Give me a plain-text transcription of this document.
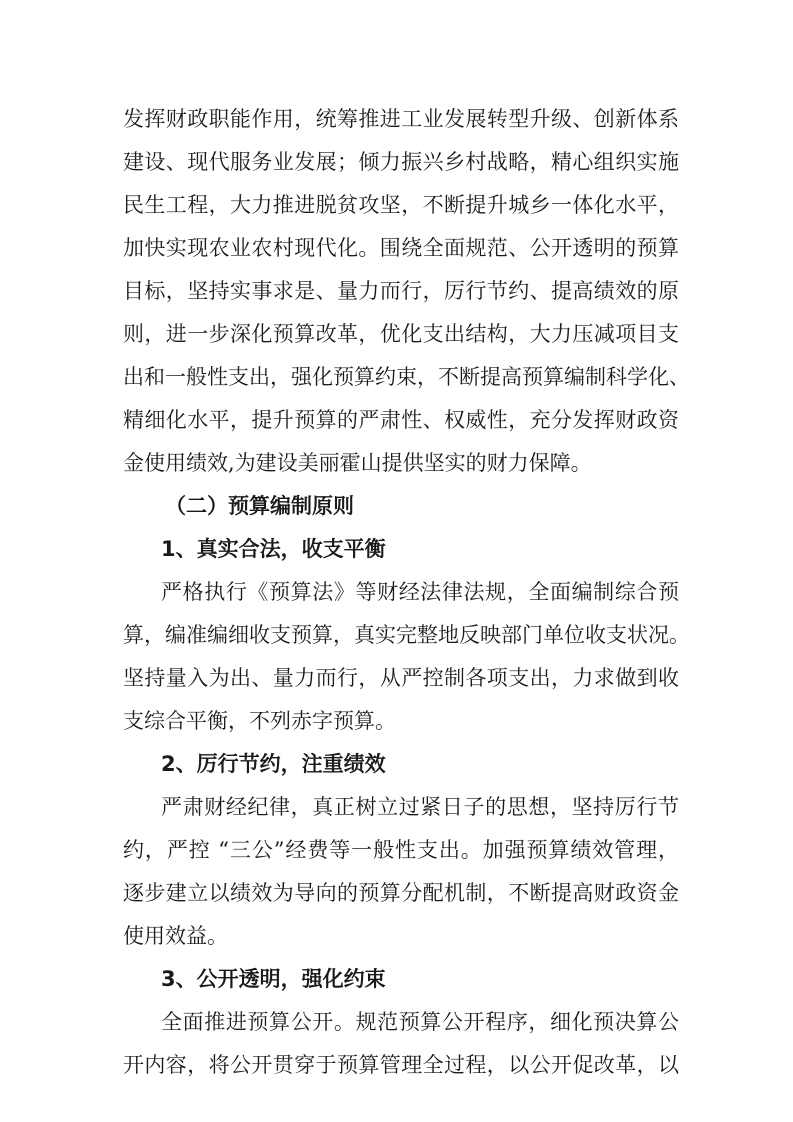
发挥财政职能作用，统筹推进工业发展转型升级、创新体系
建设、现代服务业发展；倾力振兴乡村战略，精心组织实施
民生工程，大力推进脱贫攻坚，不断提升城乡一体化水平，
加快实现农业农村现代化。围绕全面规范、公开透明的预算
目标，坚持实事求是、量力而行，厉行节约、提高绩效的原
则，进一步深化预算改革，优化支出结构，大力压减项目支
出和一般性支出，强化预算约束，不断提高预算编制科学化、
精细化水平，提升预算的严肃性、权威性，充分发挥财政资
金使用绩效,为建设美丽霍山提供坚实的财力保障。
（二）预算编制原则
1、真实合法，收支平衡
严格执行《预算法》等财经法律法规，全面编制综合预
算，编准编细收支预算，真实完整地反映部门单位收支状况。
坚持量入为出、量力而行，从严控制各项支出，力求做到收
支综合平衡，不列赤字预算。
2、厉行节约，注重绩效
严肃财经纪律，真正树立过紧日子的思想，坚持厉行节
约，严控 “三公”经费等一般性支出。加强预算绩效管理，
逐步建立以绩效为导向的预算分配机制，不断提高财政资金
使用效益。
3、公开透明，强化约束
全面推进预算公开。规范预算公开程序，细化预决算公
开内容，将公开贯穿于预算管理全过程，以公开促改革，以
